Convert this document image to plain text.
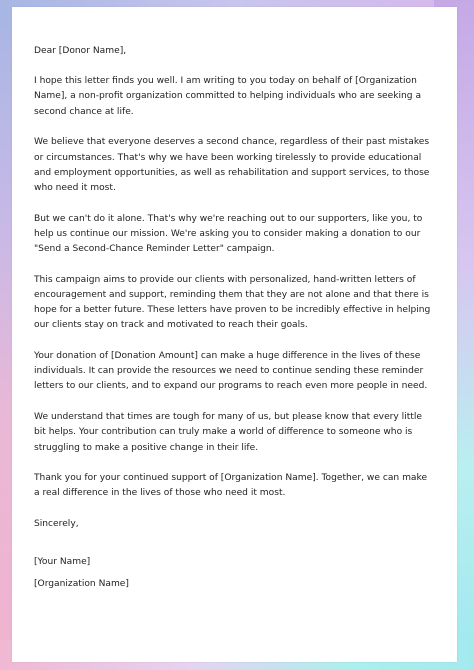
Dear [Donor Name],

I hope this letter finds you well. I am writing to you today on behalf of [Organization Name], a non-profit organization committed to helping individuals who are seeking a second chance at life.

We believe that everyone deserves a second chance, regardless of their past mistakes or circumstances. That's why we have been working tirelessly to provide educational and employment opportunities, as well as rehabilitation and support services, to those who need it most.

But we can't do it alone. That's why we're reaching out to our supporters, like you, to help us continue our mission. We're asking you to consider making a donation to our "Send a Second-Chance Reminder Letter" campaign.

This campaign aims to provide our clients with personalized, hand-written letters of encouragement and support, reminding them that they are not alone and that there is hope for a better future. These letters have proven to be incredibly effective in helping our clients stay on track and motivated to reach their goals.

Your donation of [Donation Amount] can make a huge difference in the lives of these individuals. It can provide the resources we need to continue sending these reminder letters to our clients, and to expand our programs to reach even more people in need.

We understand that times are tough for many of us, but please know that every little bit helps. Your contribution can truly make a world of difference to someone who is struggling to make a positive change in their life.

Thank you for your continued support of [Organization Name]. Together, we can make a real difference in the lives of those who need it most.

Sincerely,

[Your Name]

[Organization Name]
